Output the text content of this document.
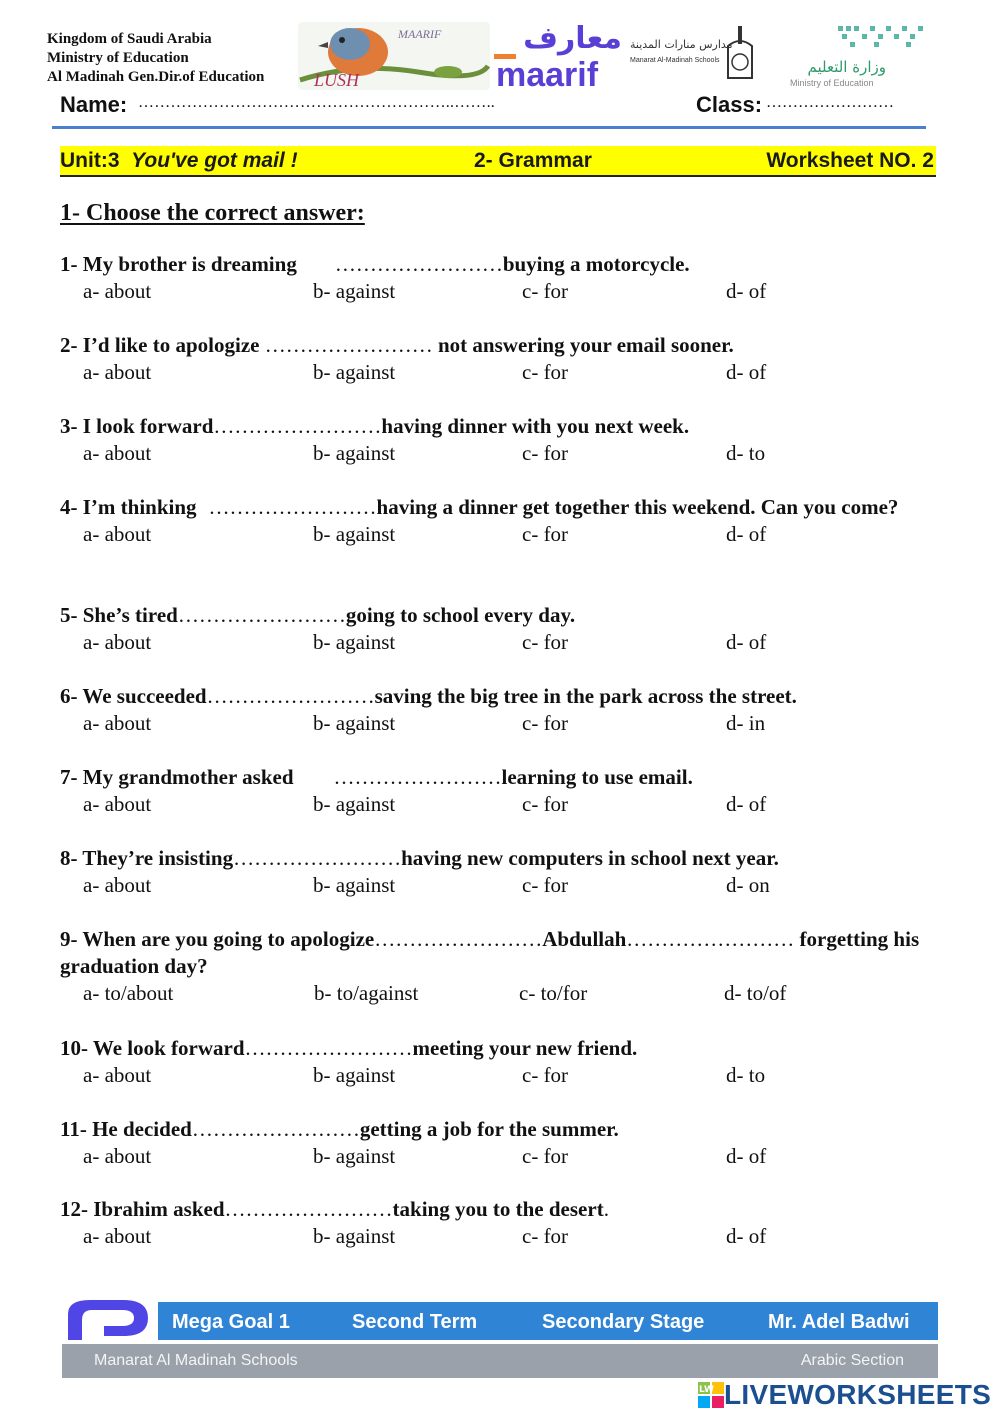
Kingdom of Saudi Arabia
Ministry of Education
Al Madinah Gen.Dir.of Education
MAARIF
LUSH
معارف
maarif
مدارس منارات المدينة
Manarat Al-Madinah Schools	وزارة التعليم
Ministry of Education
Name: …………………………………………………..……..	Class: ……………………
Unit:3 You've got mail !	2- Grammar	Worksheet NO. 2
1- Choose the correct answer:
1- My brother is dreaming ……………………buying a motorcycle.
a- about	b- against	c- for	d- of
2- I’d like to apologize …………………… not answering your email sooner.
a- about	b- against	c- for	d- of
3- I look forward……………………having dinner with you next week.
a- about	b- against	c- for	d- to
4- I’m thinking ……………………having a dinner get together this weekend. Can you come?
a- about	b- against	c- for	d- of
5- She’s tired……………………going to school every day.
a- about	b- against	c- for	d- of
6- We succeeded……………………saving the big tree in the park across the street.
a- about	b- against	c- for	d- in
7- My grandmother asked ……………………learning to use email.
a- about	b- against	c- for	d- of
8- They’re insisting……………………having new computers in school next year.
a- about	b- against	c- for	d- on
9- When are you going to apologize……………………Abdullah…………………… forgetting his graduation day?
a- to/about	b- to/against	c- to/for	d- to/of
10- We look forward……………………meeting your new friend.
a- about	b- against	c- for	d- to
11- He decided……………………getting a job for the summer.
a- about	b- against	c- for	d- of
12- Ibrahim asked……………………taking you to the desert.
a- about	b- against	c- for	d- of
Mega Goal 1	Second Term	Secondary Stage	Mr. Adel Badwi
Manarat Al Madinah Schools	Arabic Section
LW LIVEWORKSHEETS
